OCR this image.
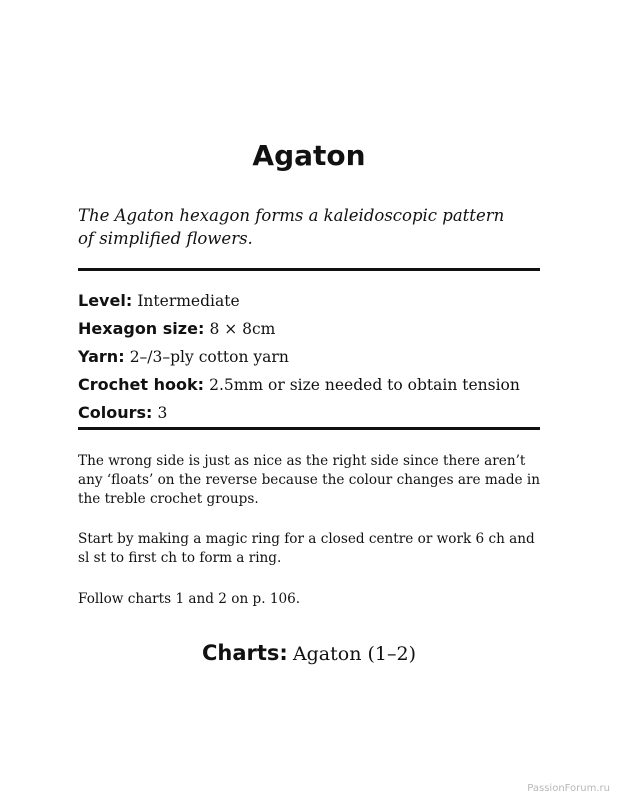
Agaton

The Agaton hexagon forms a kaleidoscopic pattern of simplified flowers.

Level: Intermediate
Hexagon size: 8 × 8cm
Yarn: 2–/3–ply cotton yarn
Crochet hook: 2.5mm or size needed to obtain tension
Colours: 3

The wrong side is just as nice as the right side since there aren’t any ‘floats’ on the reverse because the colour changes are made in the treble crochet groups.

Start by making a magic ring for a closed centre or work 6 ch and sl st to first ch to form a ring.

Follow charts 1 and 2 on p. 106.

Charts: Agaton (1–2)
PassionForum.ru
